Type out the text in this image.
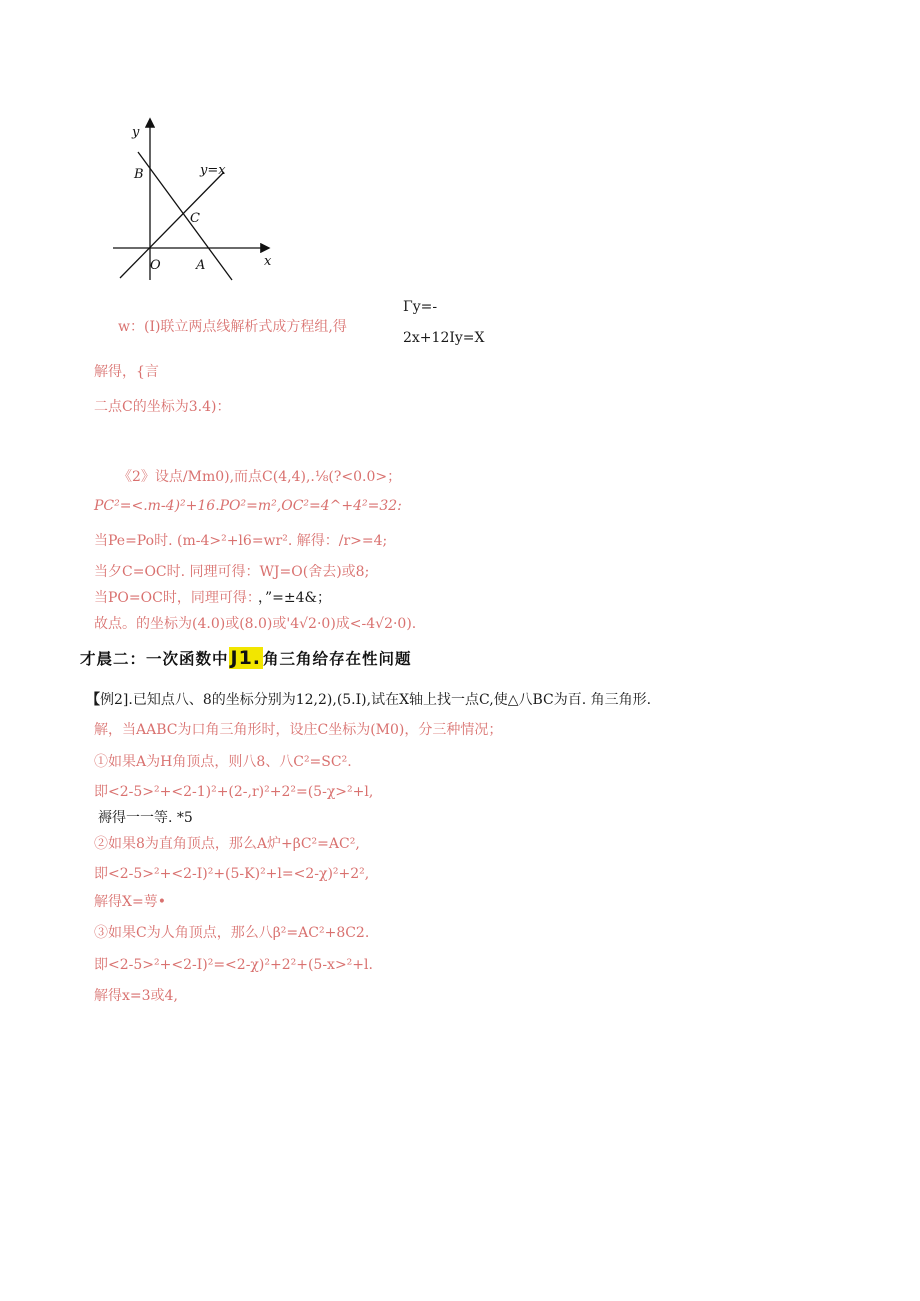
y
B	y=x
C
O	A	x
w：(Ⅰ)联立两点线解析式成方程组,得
Γy=-
2x+12Iy=X
解得，{言
二点C的坐标为3.4)：
《2》设点/Mm0),而点C(4,4),.⅛(?<0.0>；
PC²=<.m-4)²+16.PO²=m²,OC²=4^+4²=32:
当Pe=Po时. (m-4>²+l6=wr². 解得：/r>=4;
当夕C=OC时. 同理可得：WJ=O(舍去)或8;
当PO=OC时，同理可得：
，”=±4&；
故点。的坐标为(4.0)或(8.0)或'4√2·0)成<-4√2·0).
才晨二：一次函数中 J1. 角三角给存在性问题
【例2].已知点八、8的坐标分别为12,2),(5.I),试在X轴上找一点C,使△八BC为百. 角三角形.
解，当AABC为口角三角形时，设庄C坐标为(M0)，分三种情况；
①如果A为H角顶点，则八8、八C²=SC².
即<2-5>²+<2-1)²+(2-,r)²+2²=(5-χ>²+l,
褥得一一等. *5
②如果8为直角顶点，那么A炉+βC²=AC²,
即<2-5>²+<2-I)²+(5-K)²+l=<2-χ)²+2²,
解得X=萼•
③如果C为人角顶点，那么八β²=AC²+8C2.
即<2-5>²+<2-I)²=<2-χ)²+2²+(5-x>²+l.
解得x=3或4,
